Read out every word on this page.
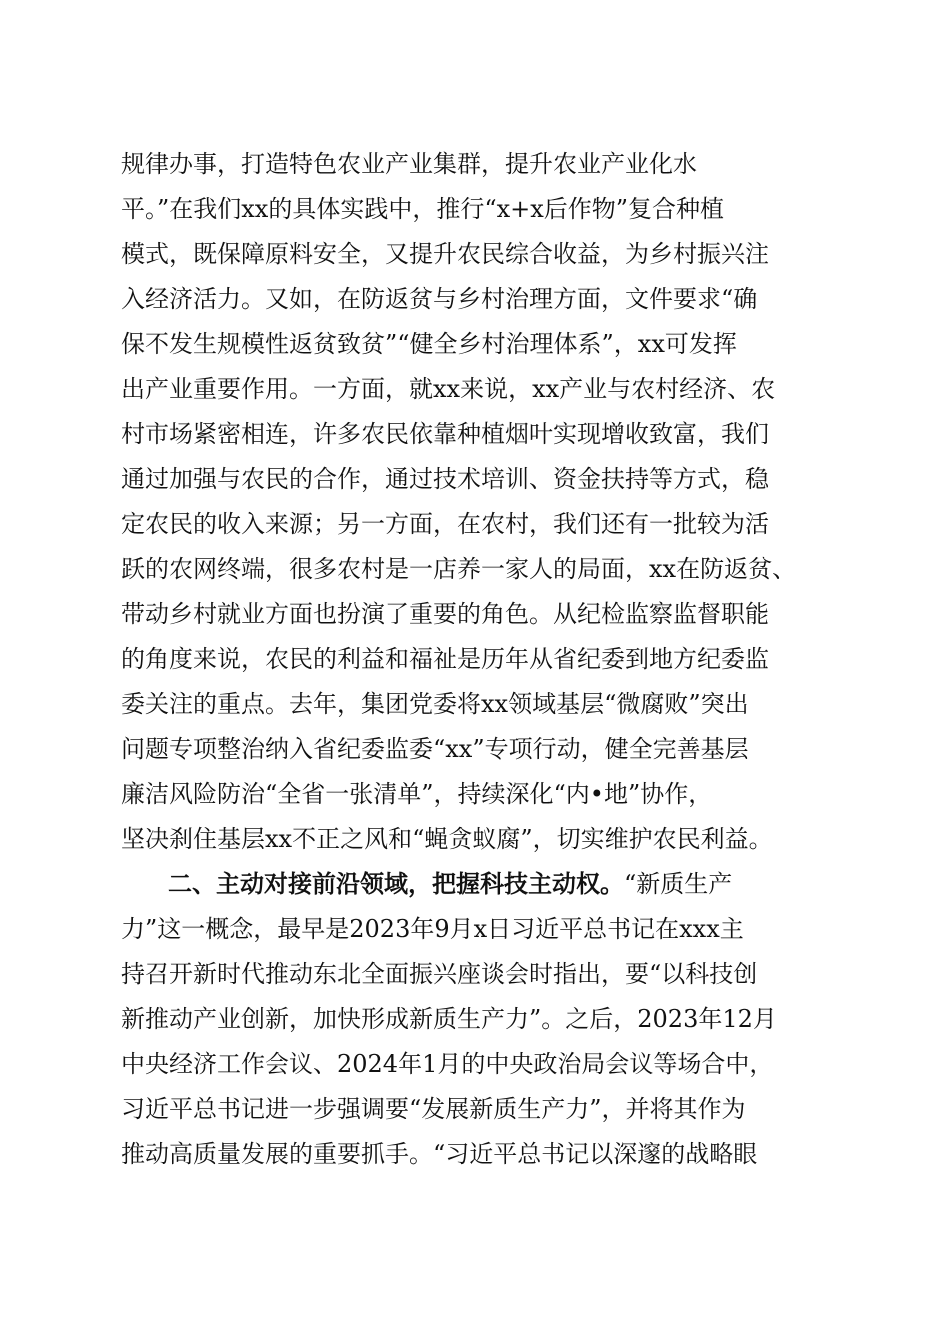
规律办事，打造特色农业产业集群，提升农业产业化水
平。”在我们xx的具体实践中，推行“x+x后作物”复合种植
模式，既保障原料安全，又提升农民综合收益，为乡村振兴注
入经济活力。又如，在防返贫与乡村治理方面，文件要求“确
保不发生规模性返贫致贫”“健全乡村治理体系”，xx可发挥
出产业重要作用。一方面，就xx来说，xx产业与农村经济、农
村市场紧密相连，许多农民依靠种植烟叶实现增收致富，我们
通过加强与农民的合作，通过技术培训、资金扶持等方式，稳
定农民的收入来源；另一方面，在农村，我们还有一批较为活
跃的农网终端，很多农村是一店养一家人的局面，xx在防返贫、
带动乡村就业方面也扮演了重要的角色。从纪检监察监督职能
的角度来说，农民的利益和福祉是历年从省纪委到地方纪委监
委关注的重点。去年，集团党委将xx领域基层“微腐败”突出
问题专项整治纳入省纪委监委“xx”专项行动，健全完善基层
廉洁风险防治“全省一张清单”，持续深化“内•地”协作，
坚决刹住基层xx不正之风和“蝇贪蚁腐”，切实维护农民利益。
二、主动对接前沿领域，把握科技主动权。“新质生产
力”这一概念，最早是2023年9月x日习近平总书记在xxx主
持召开新时代推动东北全面振兴座谈会时指出，要“以科技创
新推动产业创新，加快形成新质生产力”。之后，2023年12月
中央经济工作会议、2024年1月的中央政治局会议等场合中，
习近平总书记进一步强调要“发展新质生产力”，并将其作为
推动高质量发展的重要抓手。“习近平总书记以深邃的战略眼
